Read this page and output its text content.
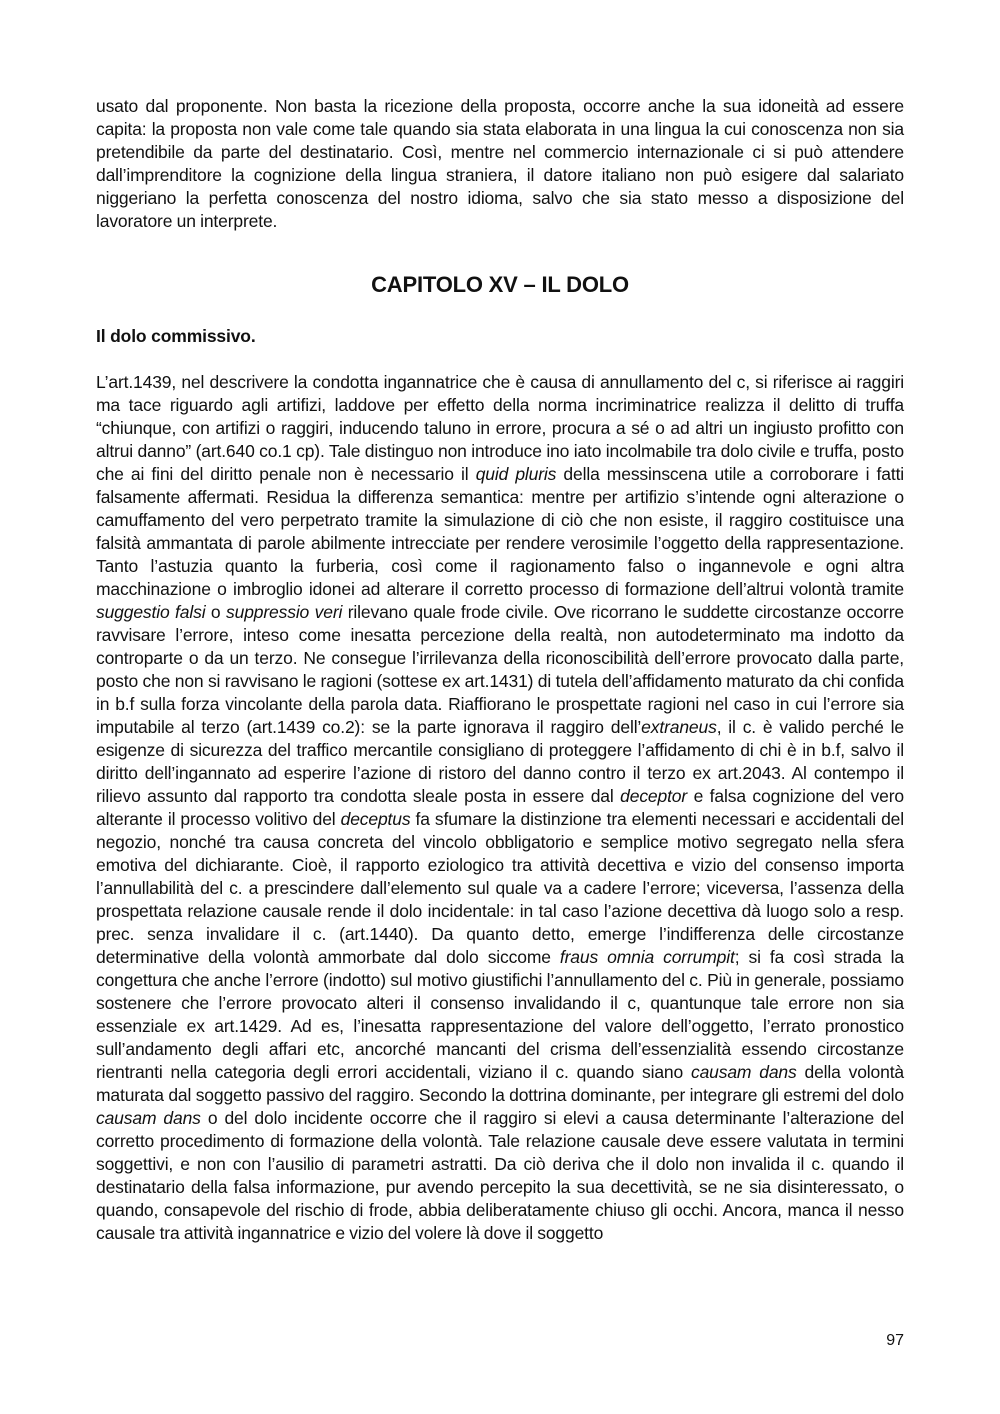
usato dal proponente. Non basta la ricezione della proposta, occorre anche la sua idoneità ad essere capita: la proposta non vale come tale quando sia stata elaborata in una lingua la cui conoscenza non sia pretendibile da parte del destinatario. Così, mentre nel commercio internazionale ci si può attendere dall’imprenditore la cognizione della lingua straniera, il datore italiano non può esigere dal salariato niggeriano la perfetta conoscenza del nostro idioma, salvo che sia stato messo a disposizione del lavoratore un interprete.

CAPITOLO XV – IL DOLO
Il dolo commissivo.

L’art.1439, nel descrivere la condotta ingannatrice che è causa di annullamento del c, si riferisce ai raggiri ma tace riguardo agli artifizi, laddove per effetto della norma incriminatrice realizza il delitto di truffa “chiunque, con artifizi o raggiri, inducendo taluno in errore, procura a sé o ad altri un ingiusto profitto con altrui danno” (art.640 co.1 cp). Tale distinguo non introduce ino iato incolmabile tra dolo civile e truffa, posto che ai fini del diritto penale non è necessario il quid pluris della messinscena utile a corroborare i fatti falsamente affermati. Residua la differenza semantica: mentre per artifizio s’intende ogni alterazione o camuffamento del vero perpetrato tramite la simulazione di ciò che non esiste, il raggiro costituisce una falsità ammantata di parole abilmente intrecciate per rendere verosimile l’oggetto della rappresentazione. Tanto l’astuzia quanto la furberia, così come il ragionamento falso o ingannevole e ogni altra macchinazione o imbroglio idonei ad alterare il corretto processo di formazione dell’altrui volontà tramite suggestio falsi o suppressio veri rilevano quale frode civile. Ove ricorrano le suddette circostanze occorre ravvisare l’errore, inteso come inesatta percezione della realtà, non autodeterminato ma indotto da controparte o da un terzo. Ne consegue l’irrilevanza della riconoscibilità dell’errore provocato dalla parte, posto che non si ravvisano le ragioni (sottese ex art.1431) di tutela dell’affidamento maturato da chi confida in b.f sulla forza vincolante della parola data. Riaffiorano le prospettate ragioni nel caso in cui l’errore sia imputabile al terzo (art.1439 co.2): se la parte ignorava il raggiro dell’extraneus, il c. è valido perché le esigenze di sicurezza del traffico mercantile consigliano di proteggere l’affidamento di chi è in b.f, salvo il diritto dell’ingannato ad esperire l’azione di ristoro del danno contro il terzo ex art.2043. Al contempo il rilievo assunto dal rapporto tra condotta sleale posta in essere dal deceptor e falsa cognizione del vero alterante il processo volitivo del deceptus fa sfumare la distinzione tra elementi necessari e accidentali del negozio, nonché tra causa concreta del vincolo obbligatorio e semplice motivo segregato nella sfera emotiva del dichiarante. Cioè, il rapporto eziologico tra attività decettiva e vizio del consenso importa l’annullabilità del c. a prescindere dall’elemento sul quale va a cadere l’errore; viceversa, l’assenza della prospettata relazione causale rende il dolo incidentale: in tal caso l’azione decettiva dà luogo solo a resp. prec. senza invalidare il c. (art.1440). Da quanto detto, emerge l’indifferenza delle circostanze determinative della volontà ammorbate dal dolo siccome fraus omnia corrumpit; si fa così strada la congettura che anche l’errore (indotto) sul motivo giustifichi l’annullamento del c. Più in generale, possiamo sostenere che l’errore provocato alteri il consenso invalidando il c, quantunque tale errore non sia essenziale ex art.1429. Ad es, l’inesatta rappresentazione del valore dell’oggetto, l’errato pronostico sull’andamento degli affari etc, ancorché mancanti del crisma dell’essenzialità essendo circostanze rientranti nella categoria degli errori accidentali, viziano il c. quando siano causam dans della volontà maturata dal soggetto passivo del raggiro. Secondo la dottrina dominante, per integrare gli estremi del dolo causam dans o del dolo incidente occorre che il raggiro si elevi a causa determinante l’alterazione del corretto procedimento di formazione della volontà. Tale relazione causale deve essere valutata in termini soggettivi, e non con l’ausilio di parametri astratti. Da ciò deriva che il dolo non invalida il c. quando il destinatario della falsa informazione, pur avendo percepito la sua decettività, se ne sia disinteressato, o quando, consapevole del rischio di frode, abbia deliberatamente chiuso gli occhi. Ancora, manca il nesso causale tra attività ingannatrice e vizio del volere là dove il soggetto

97
